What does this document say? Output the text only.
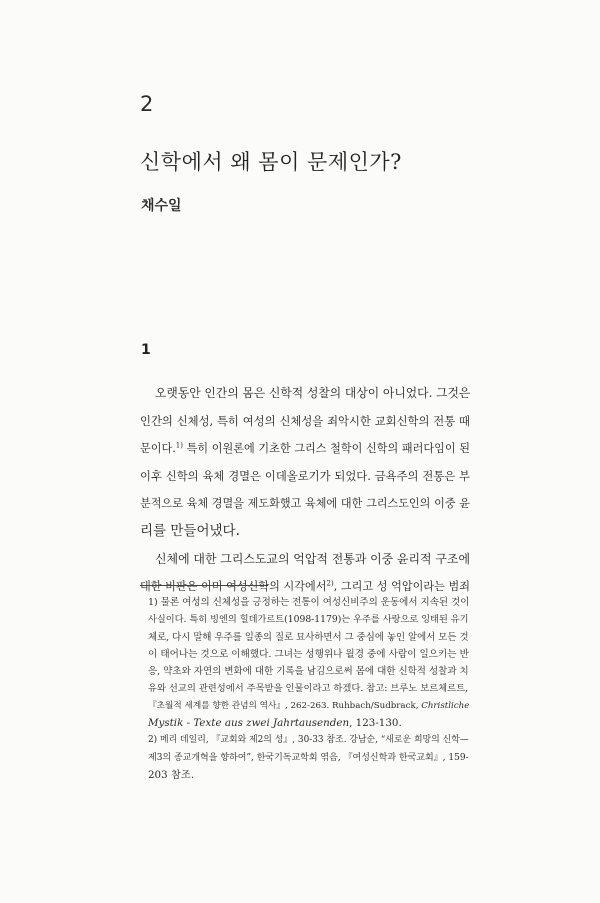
2
신학에서 왜 몸이 문제인가?
채수일
1

오랫동안 인간의 몸은 신학적 성찰의 대상이 아니었다. 그것은
인간의 신체성, 특히 여성의 신체성을 죄악시한 교회신학의 전통 때
문이다.$^{1)}$ 특히 이원론에 기초한 그리스 철학이 신학의 패러다임이 된
이후 신학의 육체 경멸은 이데올로기가 되었다. 금욕주의 전통은 부
분적으로 육체 경멸을 제도화했고 육체에 대한 그리스도인의 이중 윤
리를 만들어냈다.

신체에 대한 그리스도교의 억압적 전통과 이중 윤리적 구조에
대한 비판은 이미 여성신학의 시각에서$^{2)}$, 그리고 성 억압이라는 범죄

1) 물론 여성의 신체성을 긍정하는 전통이 여성신비주의 운동에서 지속된 것이
사실이다. 특히 빙엔의 힐데가르트(1098-1179)는 우주를 사랑으로 잉태된 유기
체로, 다시 말해 우주를 일종의 질로 묘사하면서 그 중심에 놓인 알에서 모든 것
이 태어나는 것으로 이해했다. 그녀는 성행위나 월경 중에 사람이 일으키는 반
응, 약초와 자연의 변화에 대한 기록을 남김으로써 몸에 대한 신학적 성찰과 치
유와 선교의 관련성에서 주목받을 인물이라고 하겠다. 참고: 브루노 보르체르트,
『초월적 세계를 향한 관념의 역사』, 262-263. Ruhbach/Sudbrack, Christliche
Mystik - Texte aus zwei Jahrtausenden, 123-130.

2) 메리 데일리, 『교회와 제2의 성』, 30-33 참조. 강남순, “새로운 희망의 신학—
제3의 종교개혁을 향하여”, 한국기독교학회 엮음, 『여성신학과 한국교회』, 159-
203 참조.
